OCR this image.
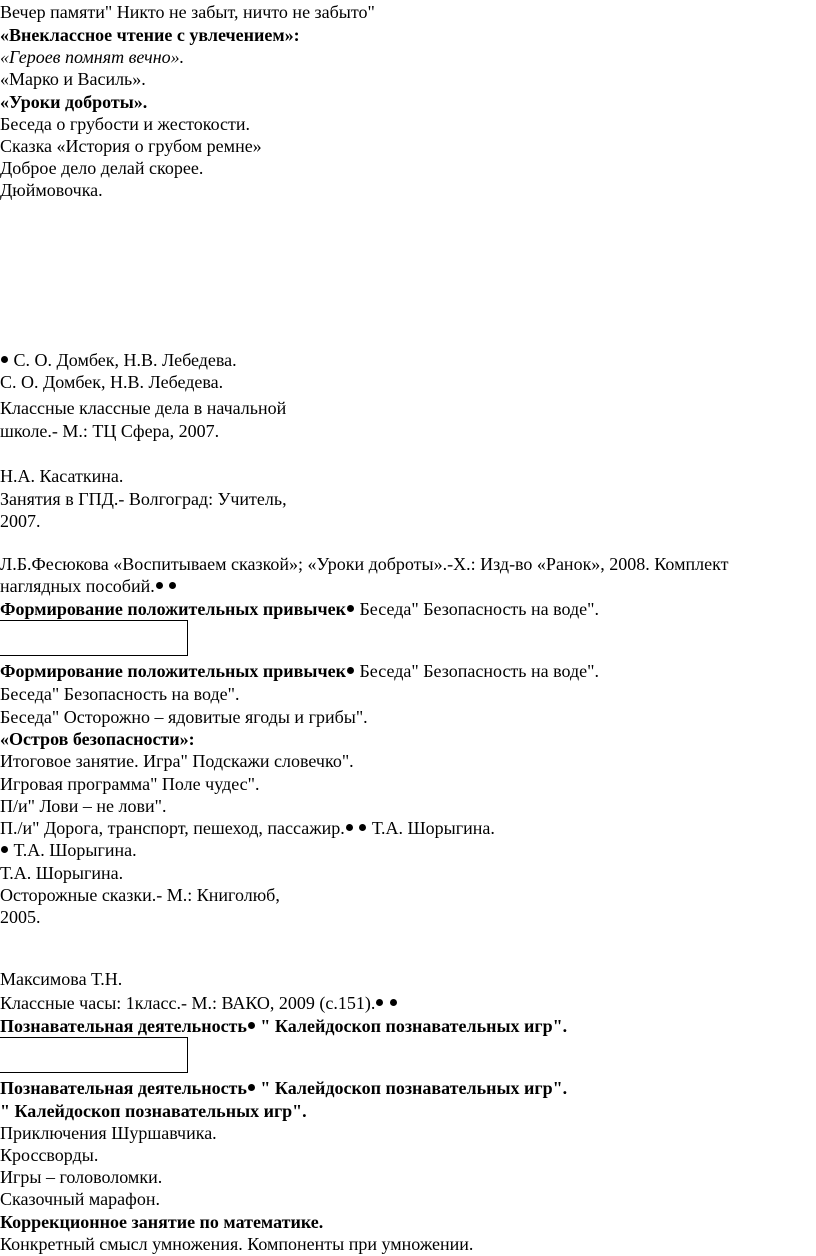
Вечер памяти" Никто не забыт, ничто не забыто"

«Внеклассное чтение с увлечением»:

«Героев помнят вечно».

«Марко и Василь».

«Уроки доброты».

Беседа о грубости и жестокости.

Сказка «История о грубом ремне»

Доброе дело делай скорее.

Дюймовочка.

С. О. Домбек, Н.В. Лебедева.

С. О. Домбек, Н.В. Лебедева.

Классные классные дела в начальной

школе.- М.: ТЦ Сфера, 2007.

Н.А. Касаткина.

Занятия в ГПД.- Волгоград: Учитель,

2007.

Л.Б.Фесюкова «Воспитываем сказкой»; «Уроки доброты».-Х.: Изд-во «Ранок», 2008. Комплект

наглядных пособий.

Формирование положительных привычек Беседа" Безопасность на воде".

Формирование положительных привычек Беседа" Безопасность на воде".

Беседа" Безопасность на воде".

Беседа" Осторожно – ядовитые ягоды и грибы".

«Остров безопасности»:

Итоговое занятие. Игра" Подскажи словечко".

Игровая программа" Поле чудес".

П/и" Лови – не лови".

П./и" Дорога, транспорт, пешеход, пассажир.  Т.А. Шорыгина.

Т.А. Шорыгина.

Т.А. Шорыгина.

Осторожные сказки.- М.: Книголюб,

2005.

Максимова Т.Н.

Классные часы: 1класс.- М.: ВАКО, 2009 (с.151).

Познавательная деятельность " Калейдоскоп познавательных игр".

Познавательная деятельность " Калейдоскоп познавательных игр".

" Калейдоскоп познавательных игр".

Приключения Шуршавчика.

Кроссворды.

Игры – головоломки.

Сказочный марафон.

Коррекционное занятие по математике.

Конкретный смысл умножения. Компоненты при умножении.
